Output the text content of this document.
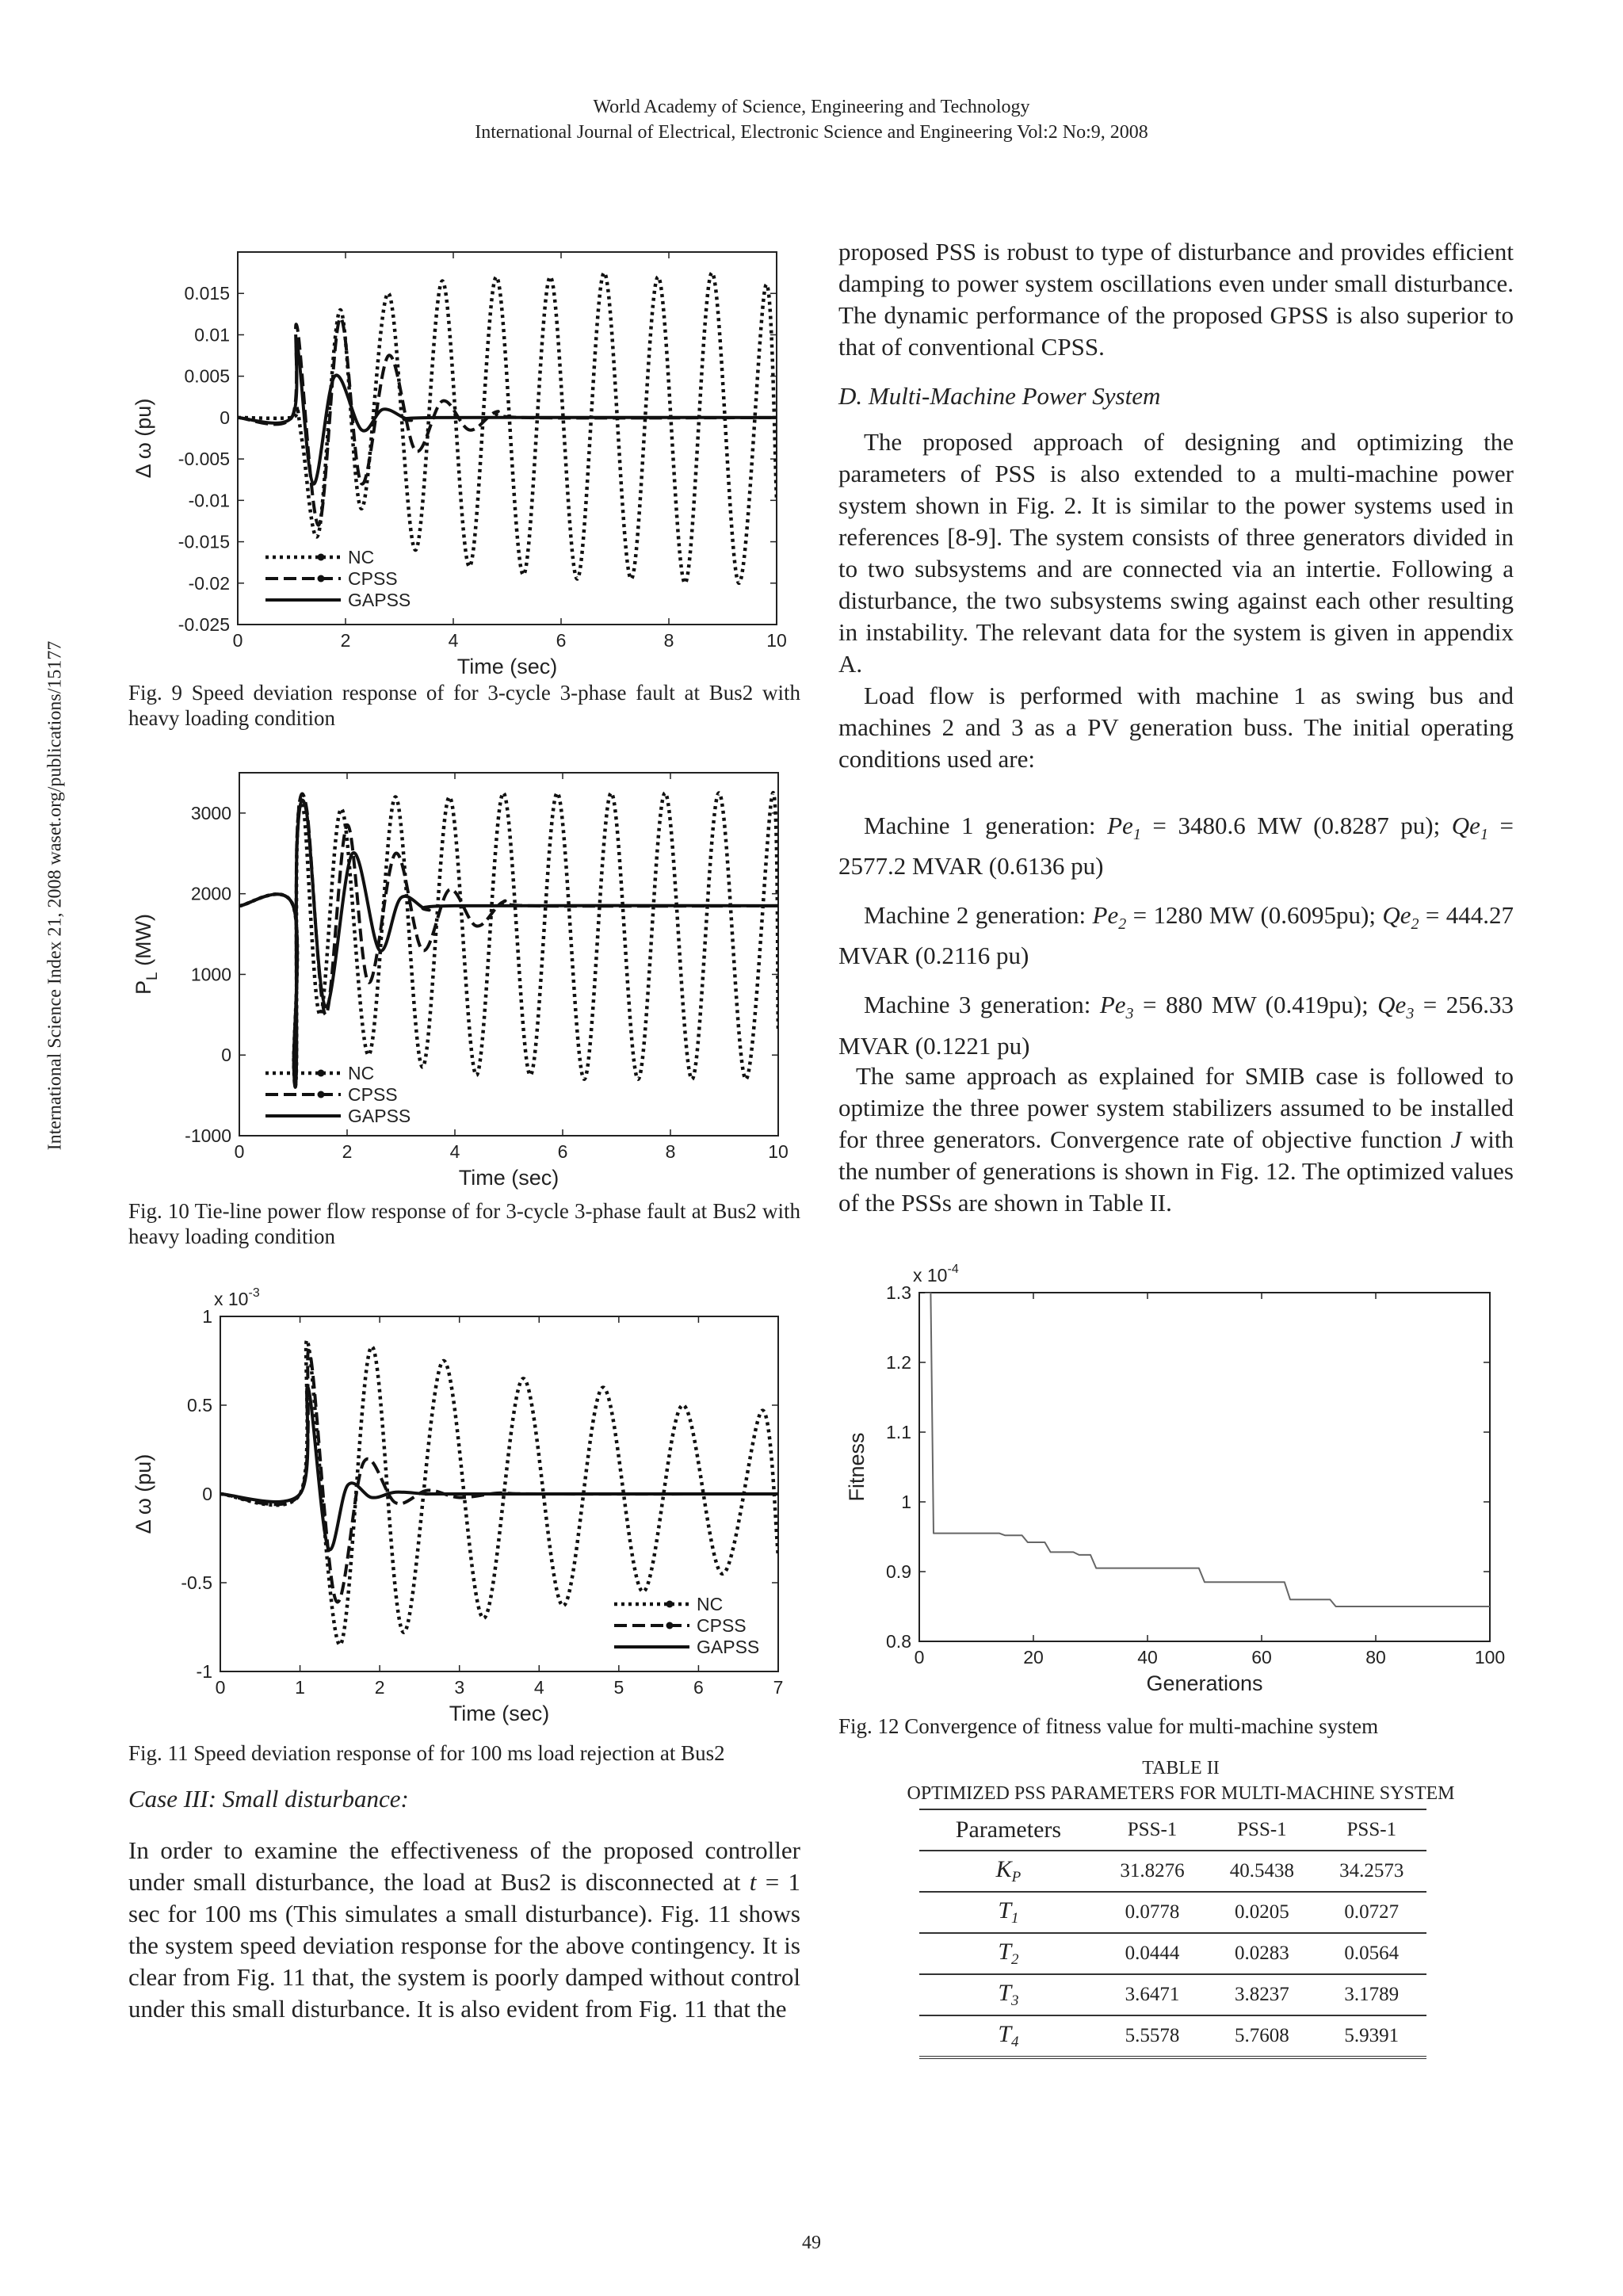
World Academy of Science, Engineering and Technology
International Journal of Electrical, Electronic Science and Engineering Vol:2 No:9, 2008
International Science Index 21, 2008 waset.org/publications/15177
0	2	4	6	8	10
0.015
0.01
0.005
0
-0.005
-0.01
-0.015
-0.02
-0.025
Time (sec)
Δ ω (pu)
NC
CPSS
GAPSS
Fig. 9 Speed deviation response of for 3-cycle 3-phase fault at Bus2 with heavy loading condition
0	2	4	6	8	10
3000
2000
1000
0
-1000
Time (sec)
$P_L$ (MW)
NC
CPSS
GAPSS
Fig. 10 Tie-line power flow response of for 3-cycle 3-phase fault at Bus2 with heavy loading condition
0	1	2	3	4	5	6	7
1
0.5
0
-0.5
-1
Time (sec)
Δ ω (pu)
x $10^{-3}$
NC
CPSS
GAPSS
Fig. 11 Speed deviation response of for 100 ms load rejection at Bus2
0	20	40	60	80	100
1.3
1.2
1.1
1
0.9
0.8
Generations
Fitness
x $10^{-4}$
Fig. 12 Convergence of fitness value for multi-machine system
Case III: Small disturbance:
In order to examine the effectiveness of the proposed controller under small disturbance, the load at Bus2 is disconnected at t = 1 sec for 100 ms (This simulates a small disturbance). Fig. 11 shows the system speed deviation response for the above contingency. It is clear from Fig. 11 that, the system is poorly damped without control under this small disturbance. It is also evident from Fig. 11 that the
proposed PSS is robust to type of disturbance and provides efficient damping to power system oscillations even under small disturbance. The dynamic performance of the proposed GPSS is also superior to that of conventional CPSS.
D. Multi-Machine Power System
The proposed approach of designing and optimizing the parameters of PSS is also extended to a multi-machine power system shown in Fig. 2. It is similar to the power systems used in references [8-9]. The system consists of three generators divided in to two subsystems and are connected via an intertie. Following a disturbance, the two subsystems swing against each other resulting in instability. The relevant data for the system is given in appendix A.
Load flow is performed with machine 1 as swing bus and machines 2 and 3 as a PV generation buss. The initial operating conditions used are:
Machine 1 generation: $Pe_1 = 3480.6$ MW (0.8287 pu); $Qe_1 = 2577.2$ MVAR (0.6136 pu)
Machine 2 generation: $Pe_2 = 1280$ MW (0.6095pu); $Qe_2 = 444.27$ MVAR (0.2116 pu)
Machine 3 generation: $Pe_3 = 880$ MW (0.419pu); $Qe_3 = 256.33$ MVAR (0.1221 pu)
The same approach as explained for SMIB case is followed to optimize the three power system stabilizers assumed to be installed for three generators. Convergence rate of objective function J with the number of generations is shown in Fig. 12. The optimized values of the PSSs are shown in Table II.
TABLE II
OPTIMIZED PSS PARAMETERS FOR MULTI-MACHINE SYSTEM
Parameters	PSS-1	PSS-1	PSS-1
$K_P$	31.8276	40.5438	34.2573
$T_1$	0.0778	0.0205	0.0727
$T_2$	0.0444	0.0283	0.0564
$T_3$	3.6471	3.8237	3.1789
$T_4$	5.5578	5.7608	5.9391
49
